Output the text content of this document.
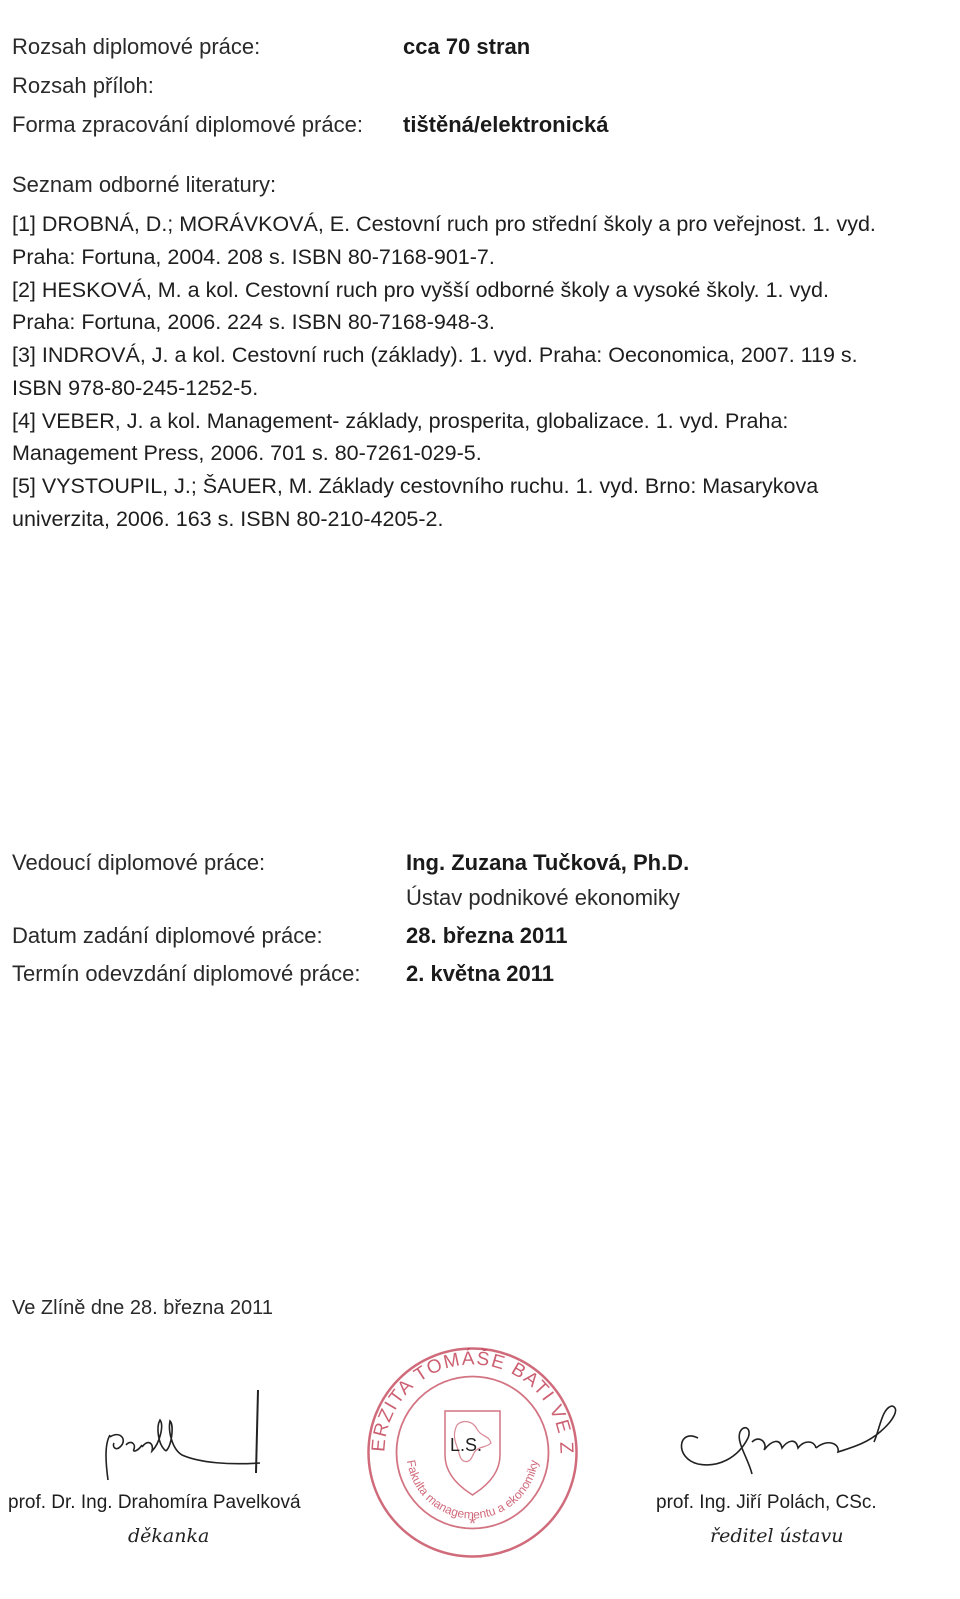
Rozsah diplomové práce:	cca 70 stran
Rozsah příloh:
Forma zpracování diplomové práce: tištěná/elektronická
Seznam odborné literatury:
[1] DROBNÁ, D.; MORÁVKOVÁ, E. Cestovní ruch pro střední školy a pro veřejnost. 1. vyd.
Praha: Fortuna, 2004. 208 s. ISBN 80-7168-901-7.
[2] HESKOVÁ, M. a kol. Cestovní ruch pro vyšší odborné školy a vysoké školy. 1. vyd.
Praha: Fortuna, 2006. 224 s. ISBN 80-7168-948-3.
[3] INDROVÁ, J. a kol. Cestovní ruch (základy). 1. vyd. Praha: Oeconomica, 2007. 119 s.
ISBN 978-80-245-1252-5.
[4] VEBER, J. a kol. Management- základy, prosperita, globalizace. 1. vyd. Praha:
Management Press, 2006. 701 s. 80-7261-029-5.
[5] VYSTOUPIL, J.; ŠAUER, M. Základy cestovního ruchu. 1. vyd. Brno: Masarykova
univerzita, 2006. 163 s. ISBN 80-210-4205-2.
Vedoucí diplomové práce:	Ing. Zuzana Tučková, Ph.D.
Ústav podnikové ekonomiky
Datum zadání diplomové práce:	28. března 2011
Termín odevzdání diplomové práce: 2. května 2011
Ve Zlíně dne 28. března 2011
prof. Dr. Ing. Drahomíra Pavelková
děkanka
ERZITA TOMÁŠE BATI VE Z
Fakulta managementu a ekonomiky
*
L.S.
prof. Ing. Jiří Polách, CSc.
ředitel ústavu
